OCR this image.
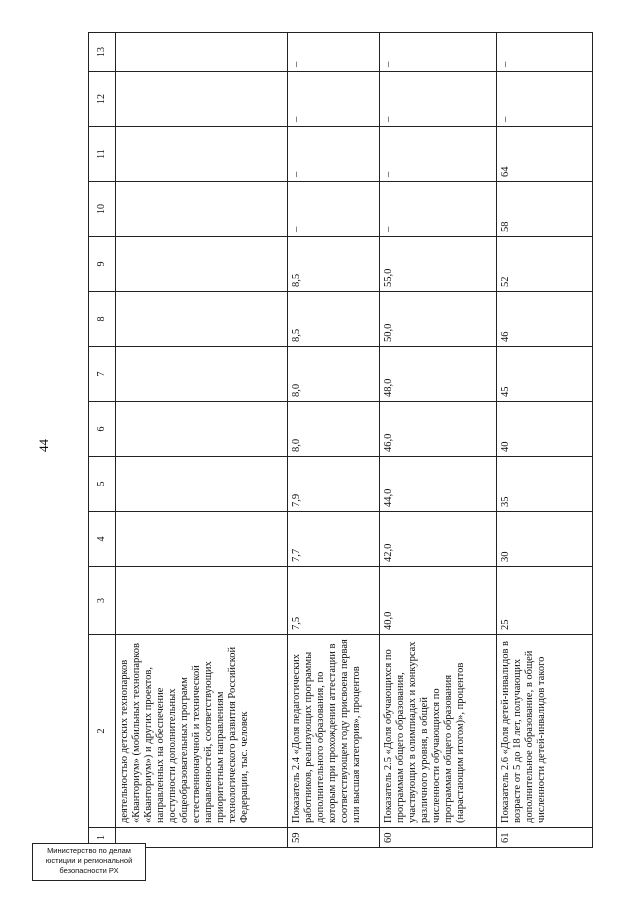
44
1	2	3	4	5	6	7	8	9	10	11	12	13
	деятельностью детских технопарков «Кванториум» (мобильных технопарков «Кванториум») и других проектов, направленных на обеспечение доступности дополнительных общеобразовательных программ естественнонаучной и технической направленностей, соответствующих приоритетным направлениям технологического развития Российской Федерации, тыс. человек											
59	Показатель 2.4 «Доля педагогических работников, реализующих программы дополнительного образования, по которым при прохождении аттестации в соответствующем году присвоена первая или высшая категория», процентов	7,5	7,7	7,9	8,0	8,0	8,5	8,5	–	–	–	–
60	Показатель 2.5 «Доля обучающихся по программам общего образования, участвующих в олимпиадах и конкурсах различного уровня, в общей численности обучающихся по программам общего образования (нарастающим итогом)», процентов	40,0	42,0	44,0	46,0	48,0	50,0	55,0	–	–	–	–
61	Показатель 2.6 «Доля детей-инвалидов в возрасте от 5 до 18 лет, получающих дополнительное образование, в общей численности детей-инвалидов такого	25	30	35	40	45	46	52	58	64	–	–
Министерство по делам
юстиции и региональной
безопасности РХ
